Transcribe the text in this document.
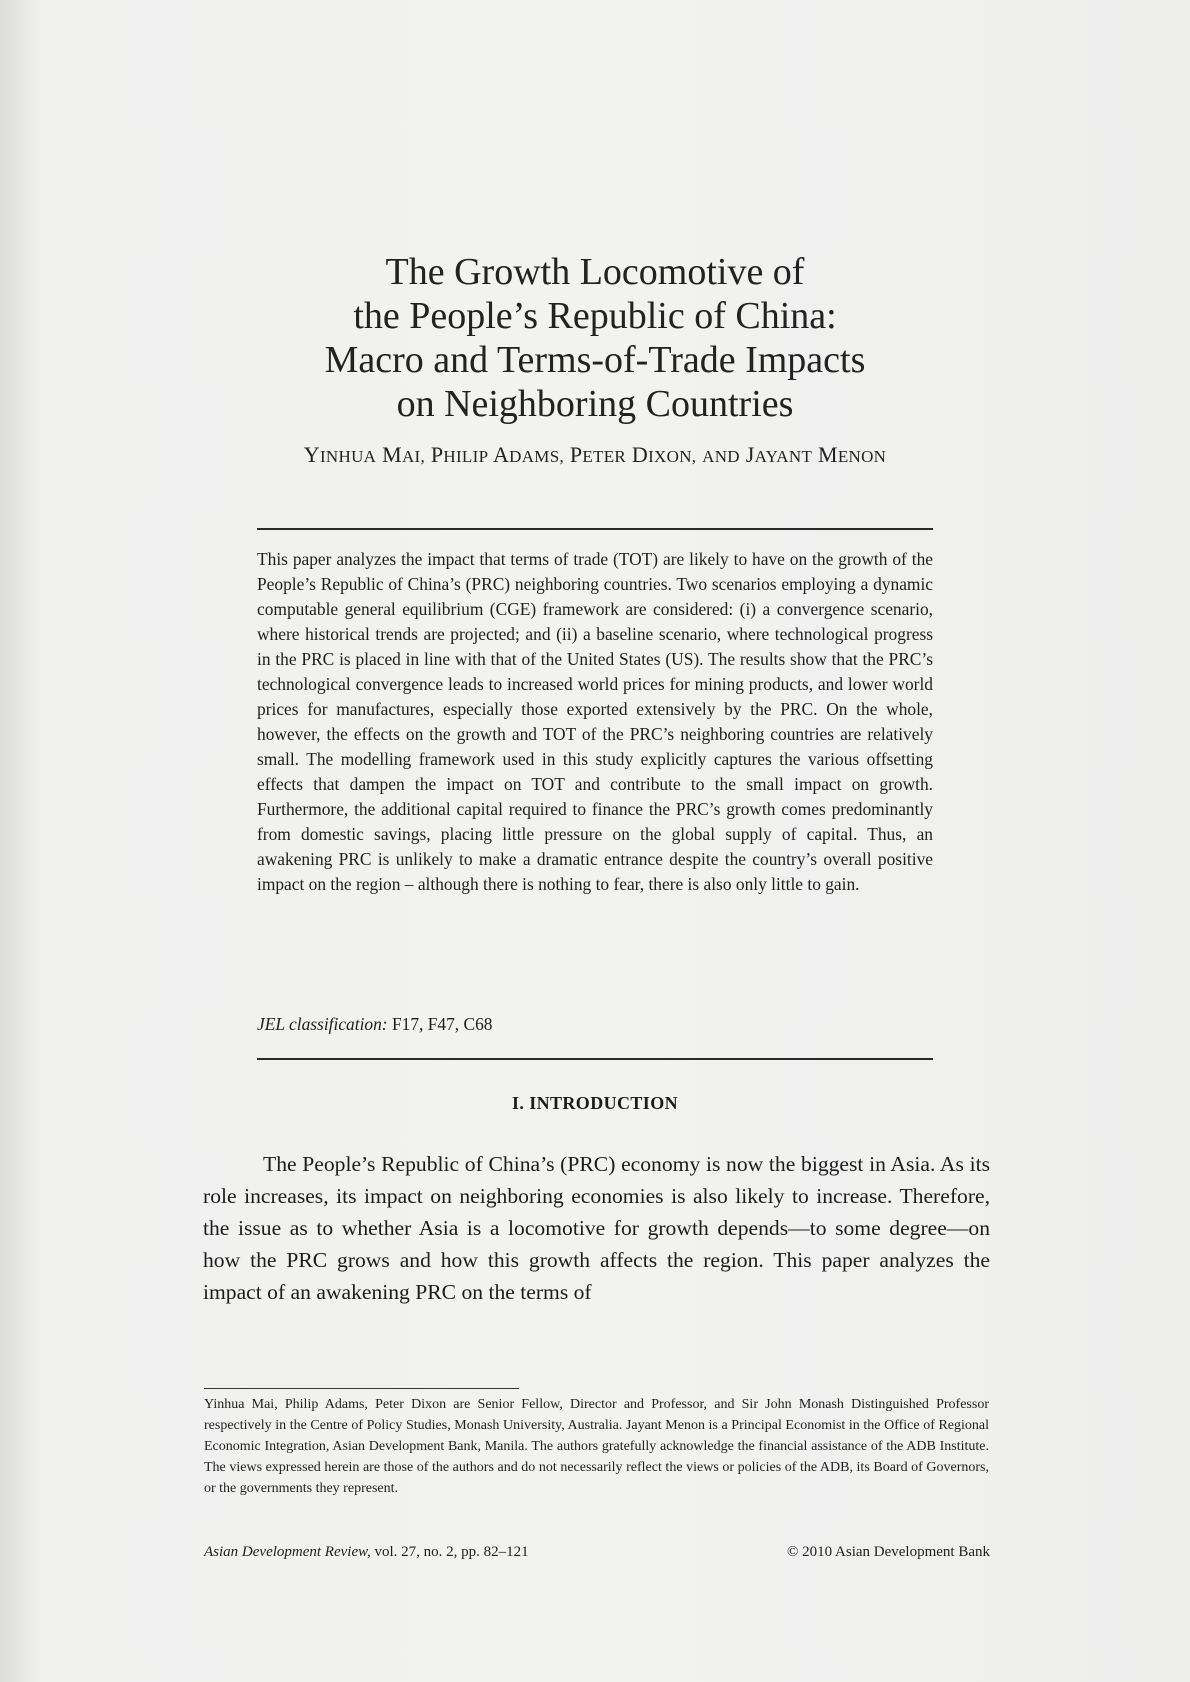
The Growth Locomotive of
the People’s Republic of China:
Macro and Terms-of-Trade Impacts
on Neighboring Countries
YINHUA MAI, PHILIP ADAMS, PETER DIXON, AND JAYANT MENON
This paper analyzes the impact that terms of trade (TOT) are likely to have on the growth of the People’s Republic of China’s (PRC) neighboring countries. Two scenarios employing a dynamic computable general equilibrium (CGE) framework are considered: (i) a convergence scenario, where historical trends are projected; and (ii) a baseline scenario, where technological progress in the PRC is placed in line with that of the United States (US). The results show that the PRC’s technological convergence leads to increased world prices for mining products, and lower world prices for manufactures, especially those exported extensively by the PRC. On the whole, however, the effects on the growth and TOT of the PRC’s neighboring countries are relatively small. The modelling framework used in this study explicitly captures the various offsetting effects that dampen the impact on TOT and contribute to the small impact on growth. Furthermore, the additional capital required to finance the PRC’s growth comes predominantly from domestic savings, placing little pressure on the global supply of capital. Thus, an awakening PRC is unlikely to make a dramatic entrance despite the country’s overall positive impact on the region – although there is nothing to fear, there is also only little to gain.
JEL classification: F17, F47, C68
I. INTRODUCTION
The People’s Republic of China’s (PRC) economy is now the biggest in Asia. As its role increases, its impact on neighboring economies is also likely to increase. Therefore, the issue as to whether Asia is a locomotive for growth depends—to some degree—on how the PRC grows and how this growth affects the region. This paper analyzes the impact of an awakening PRC on the terms of
Yinhua Mai, Philip Adams, Peter Dixon are Senior Fellow, Director and Professor, and Sir John Monash Distinguished Professor respectively in the Centre of Policy Studies, Monash University, Australia. Jayant Menon is a Principal Economist in the Office of Regional Economic Integration, Asian Development Bank, Manila. The authors gratefully acknowledge the financial assistance of the ADB Institute. The views expressed herein are those of the authors and do not necessarily reflect the views or policies of the ADB, its Board of Governors, or the governments they represent.
Asian Development Review, vol. 27, no. 2, pp. 82–121	© 2010 Asian Development Bank
